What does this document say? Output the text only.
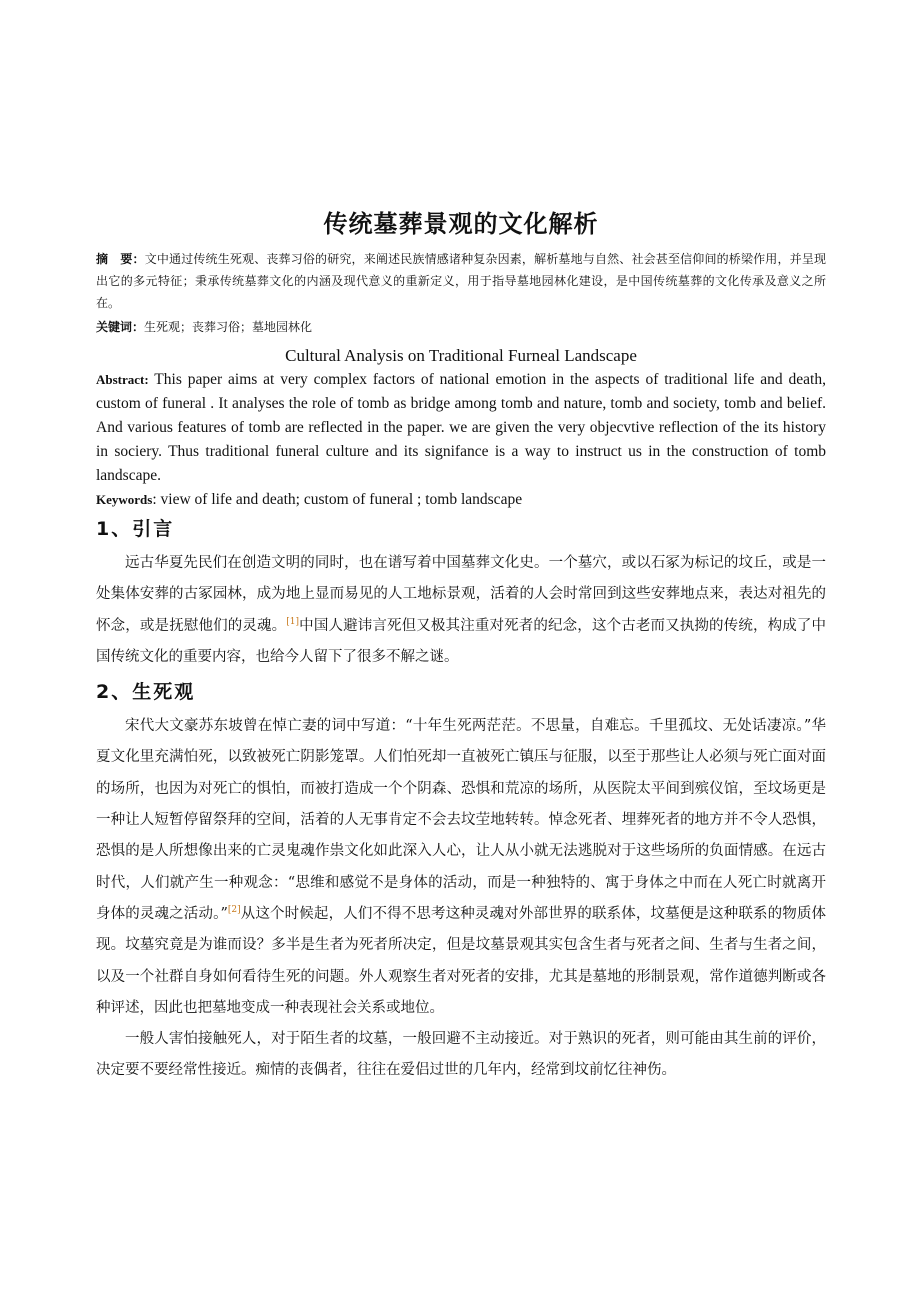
传统墓葬景观的文化解析

摘　要：文中通过传统生死观、丧葬习俗的研究，来阐述民族情感诸种复杂因素，解析墓地与自然、社会甚至信仰间的桥梁作用，并呈现出它的多元特征；秉承传统墓葬文化的内涵及现代意义的重新定义，用于指导墓地园林化建设，是中国传统墓葬的文化传承及意义之所在。

关键词：生死观；丧葬习俗；墓地园林化

Cultural Analysis on Traditional Furneal Landscape

Abstract: This paper aims at very complex factors of national emotion in the aspects of traditional life and death, custom of funeral . It analyses the role of tomb as bridge among tomb and nature, tomb and society, tomb and belief. And various features of tomb are reflected in the paper. we are given the very objecvtive reflection of the its history in sociery. Thus traditional funeral culture and its signifance is a way to instruct us in the construction of tomb landscape.

Keywords: view of life and death; custom of funeral ; tomb landscape

1、引言

远古华夏先民们在创造文明的同时，也在谱写着中国墓葬文化史。一个墓穴，或以石冢为标记的坟丘，或是一处集体安葬的古冢园林，成为地上显而易见的人工地标景观，活着的人会时常回到这些安葬地点来，表达对祖先的怀念，或是抚慰他们的灵魂。[1]中国人避讳言死但又极其注重对死者的纪念，这个古老而又执拗的传统，构成了中国传统文化的重要内容，也给今人留下了很多不解之谜。

2、生死观

宋代大文豪苏东坡曾在悼亡妻的词中写道：“十年生死两茫茫。不思量，自难忘。千里孤坟、无处话凄凉。”华夏文化里充满怕死，以致被死亡阴影笼罩。人们怕死却一直被死亡镇压与征服，以至于那些让人必须与死亡面对面的场所，也因为对死亡的惧怕，而被打造成一个个阴森、恐惧和荒凉的场所，从医院太平间到殡仪馆，至坟场更是一种让人短暂停留祭拜的空间，活着的人无事肯定不会去坟茔地转转。悼念死者、埋葬死者的地方并不令人恐惧，恐惧的是人所想像出来的亡灵鬼魂作祟文化如此深入人心，让人从小就无法逃脱对于这些场所的负面情感。在远古时代，人们就产生一种观念：“思维和感觉不是身体的活动，而是一种独特的、寓于身体之中而在人死亡时就离开身体的灵魂之活动。”[2]从这个时候起，人们不得不思考这种灵魂对外部世界的联系体，坟墓便是这种联系的物质体现。坟墓究竟是为谁而设？多半是生者为死者所决定，但是坟墓景观其实包含生者与死者之间、生者与生者之间，以及一个社群自身如何看待生死的问题。外人观察生者对死者的安排，尤其是墓地的形制景观，常作道德判断或各种评述，因此也把墓地变成一种表现社会关系或地位。

一般人害怕接触死人，对于陌生者的坟墓，一般回避不主动接近。对于熟识的死者，则可能由其生前的评价，决定要不要经常性接近。痴情的丧偶者，往往在爱侣过世的几年内，经常到坟前忆往神伤。
